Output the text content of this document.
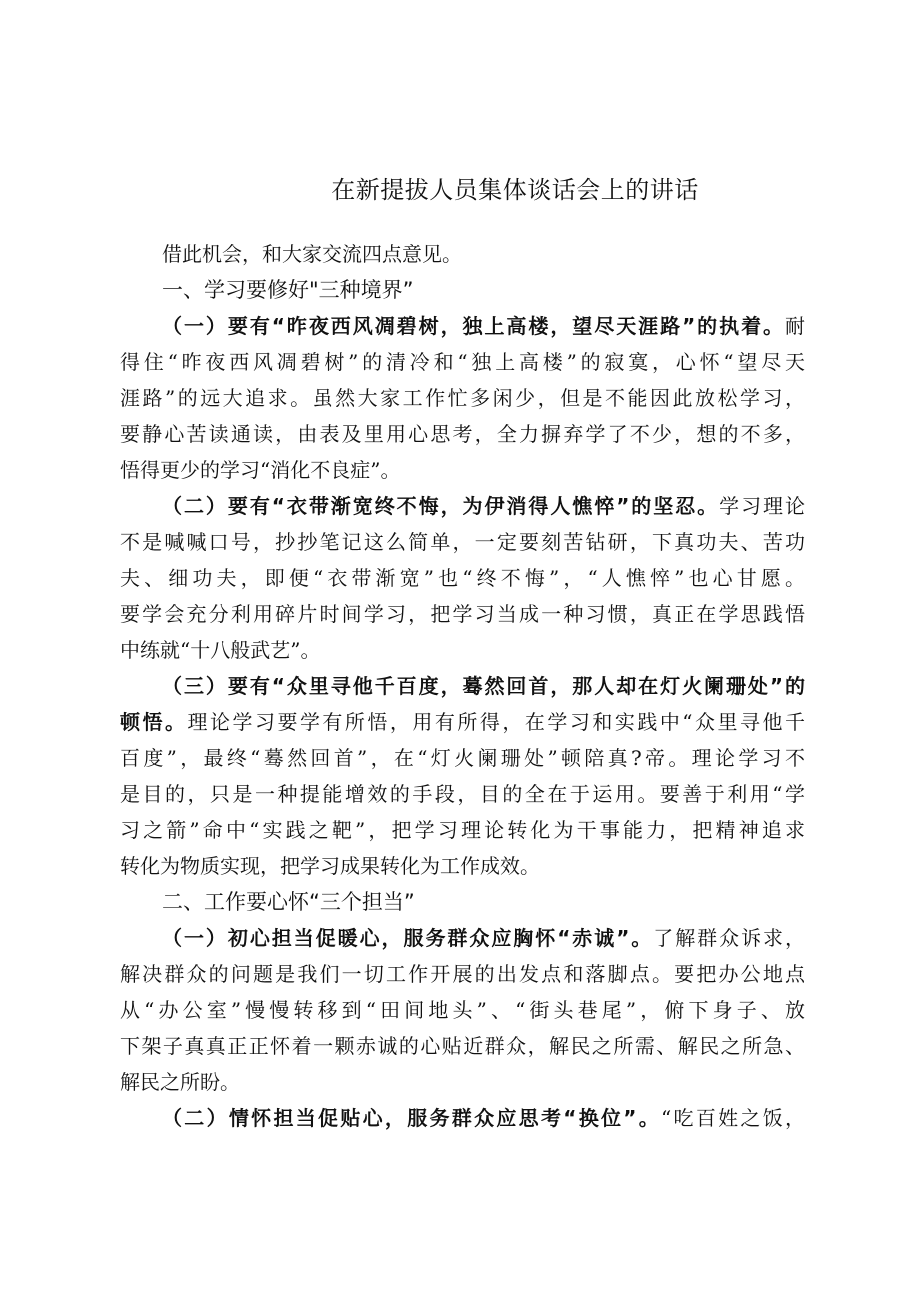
在新提拔人员集体谈话会上的讲话
借此机会，和大家交流四点意见。
一、学习要修好"三种境界”
（一）要有“昨夜西风凋碧树，独上高楼，望尽天涯路”的执着。耐
得住“昨夜西风凋碧树”的清冷和“独上高楼”的寂寞，心怀“望尽天
涯路”的远大追求。虽然大家工作忙多闲少，但是不能因此放松学习，
要静心苦读通读，由表及里用心思考，全力摒弃学了不少，想的不多，
悟得更少的学习“消化不良症”。
（二）要有“衣带渐宽终不悔，为伊消得人憔悴”的坚忍。学习理论
不是喊喊口号，抄抄笔记这么简单，一定要刻苦钻研，下真功夫、苦功
夫、细功夫，即便“衣带渐宽”也“终不悔”，“人憔悴”也心甘愿。
要学会充分利用碎片时间学习，把学习当成一种习惯，真正在学思践悟
中练就“十八般武艺”。
（三）要有“众里寻他千百度，蓦然回首，那人却在灯火阑珊处”的
顿悟。理论学习要学有所悟，用有所得，在学习和实践中“众里寻他千
百度”，最终“蓦然回首”，在“灯火阑珊处”顿陪真?帝。理论学习不
是目的，只是一种提能增效的手段，目的全在于运用。要善于利用“学
习之箭”命中“实践之靶”，把学习理论转化为干事能力，把精神追求
转化为物质实现，把学习成果转化为工作成效。
二、工作要心怀“三个担当”
（一）初心担当促暖心，服务群众应胸怀“赤诚”。了解群众诉求，
解决群众的问题是我们一切工作开展的出发点和落脚点。要把办公地点
从“办公室”慢慢转移到“田间地头”、“街头巷尾”，俯下身子、放
下架子真真正正怀着一颗赤诚的心贴近群众，解民之所需、解民之所急、
解民之所盼。
（二）情怀担当促贴心，服务群众应思考“换位”。“吃百姓之饭，
